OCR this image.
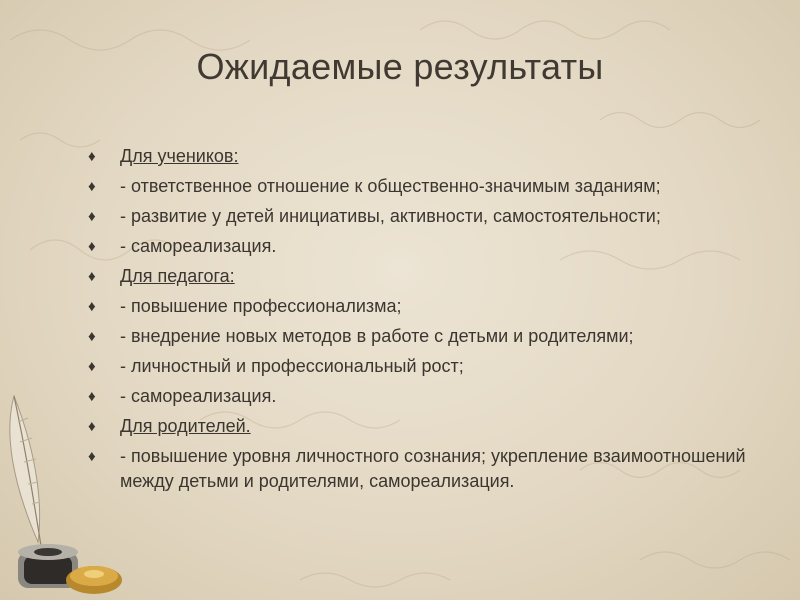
Ожидаемые результаты
♦	Для учеников:
♦	- ответственное отношение к общественно-значимым заданиям;
♦	- развитие у детей инициативы, активности, самостоятельности;
♦	- самореализация.
♦	Для педагога:
♦	- повышение профессионализма;
♦	- внедрение новых методов в работе с детьми и родителями;
♦	- личностный и профессиональный рост;
♦	- самореализация.
♦	Для родителей.
♦	- повышение уровня личностного сознания; укрепление взаимоотношений между детьми и родителями, самореализация.
